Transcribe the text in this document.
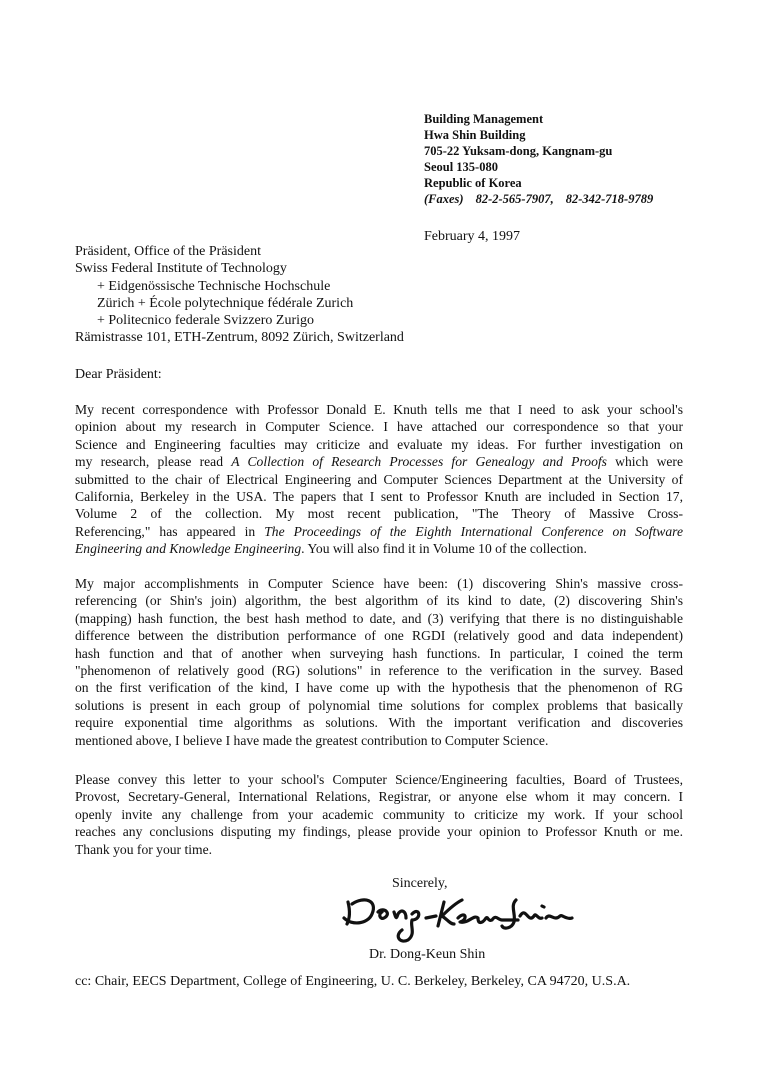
Building Management
Hwa Shin Building
705-22 Yuksam-dong, Kangnam-gu
Seoul 135-080
Republic of Korea
(Faxes) 82-2-565-7907, 82-342-718-9789
February 4, 1997
Präsident, Office of the Präsident
Swiss Federal Institute of Technology
+ Eidgenössische Technische Hochschule
Zürich + École polytechnique fédérale Zurich
+ Politecnico federale Svizzero Zurigo
Rämistrasse 101, ETH-Zentrum, 8092 Zürich, Switzerland
Dear Präsident:
My recent correspondence with Professor Donald E. Knuth tells me that I need to ask your school's
opinion about my research in Computer Science. I have attached our correspondence so that your
Science and Engineering faculties may criticize and evaluate my ideas. For further investigation on
my research, please read A Collection of Research Processes for Genealogy and Proofs which were
submitted to the chair of Electrical Engineering and Computer Sciences Department at the University of
California, Berkeley in the USA. The papers that I sent to Professor Knuth are included in Section 17,
Volume 2 of the collection. My most recent publication, "The Theory of Massive Cross-
Referencing," has appeared in The Proceedings of the Eighth International Conference on Software
Engineering and Knowledge Engineering. You will also find it in Volume 10 of the collection.
My major accomplishments in Computer Science have been: (1) discovering Shin's massive cross-
referencing (or Shin's join) algorithm, the best algorithm of its kind to date, (2) discovering Shin's
(mapping) hash function, the best hash method to date, and (3) verifying that there is no distinguishable
difference between the distribution performance of one RGDI (relatively good and data independent)
hash function and that of another when surveying hash functions. In particular, I coined the term
"phenomenon of relatively good (RG) solutions" in reference to the verification in the survey. Based
on the first verification of the kind, I have come up with the hypothesis that the phenomenon of RG
solutions is present in each group of polynomial time solutions for complex problems that basically
require exponential time algorithms as solutions. With the important verification and discoveries
mentioned above, I believe I have made the greatest contribution to Computer Science.
Please convey this letter to your school's Computer Science/Engineering faculties, Board of Trustees,
Provost, Secretary-General, International Relations, Registrar, or anyone else whom it may concern. I
openly invite any challenge from your academic community to criticize my work. If your school
reaches any conclusions disputing my findings, please provide your opinion to Professor Knuth or me.
Thank you for your time.
Sincerely,
Dr. Dong-Keun Shin
cc: Chair, EECS Department, College of Engineering, U. C. Berkeley, Berkeley, CA 94720, U.S.A.
